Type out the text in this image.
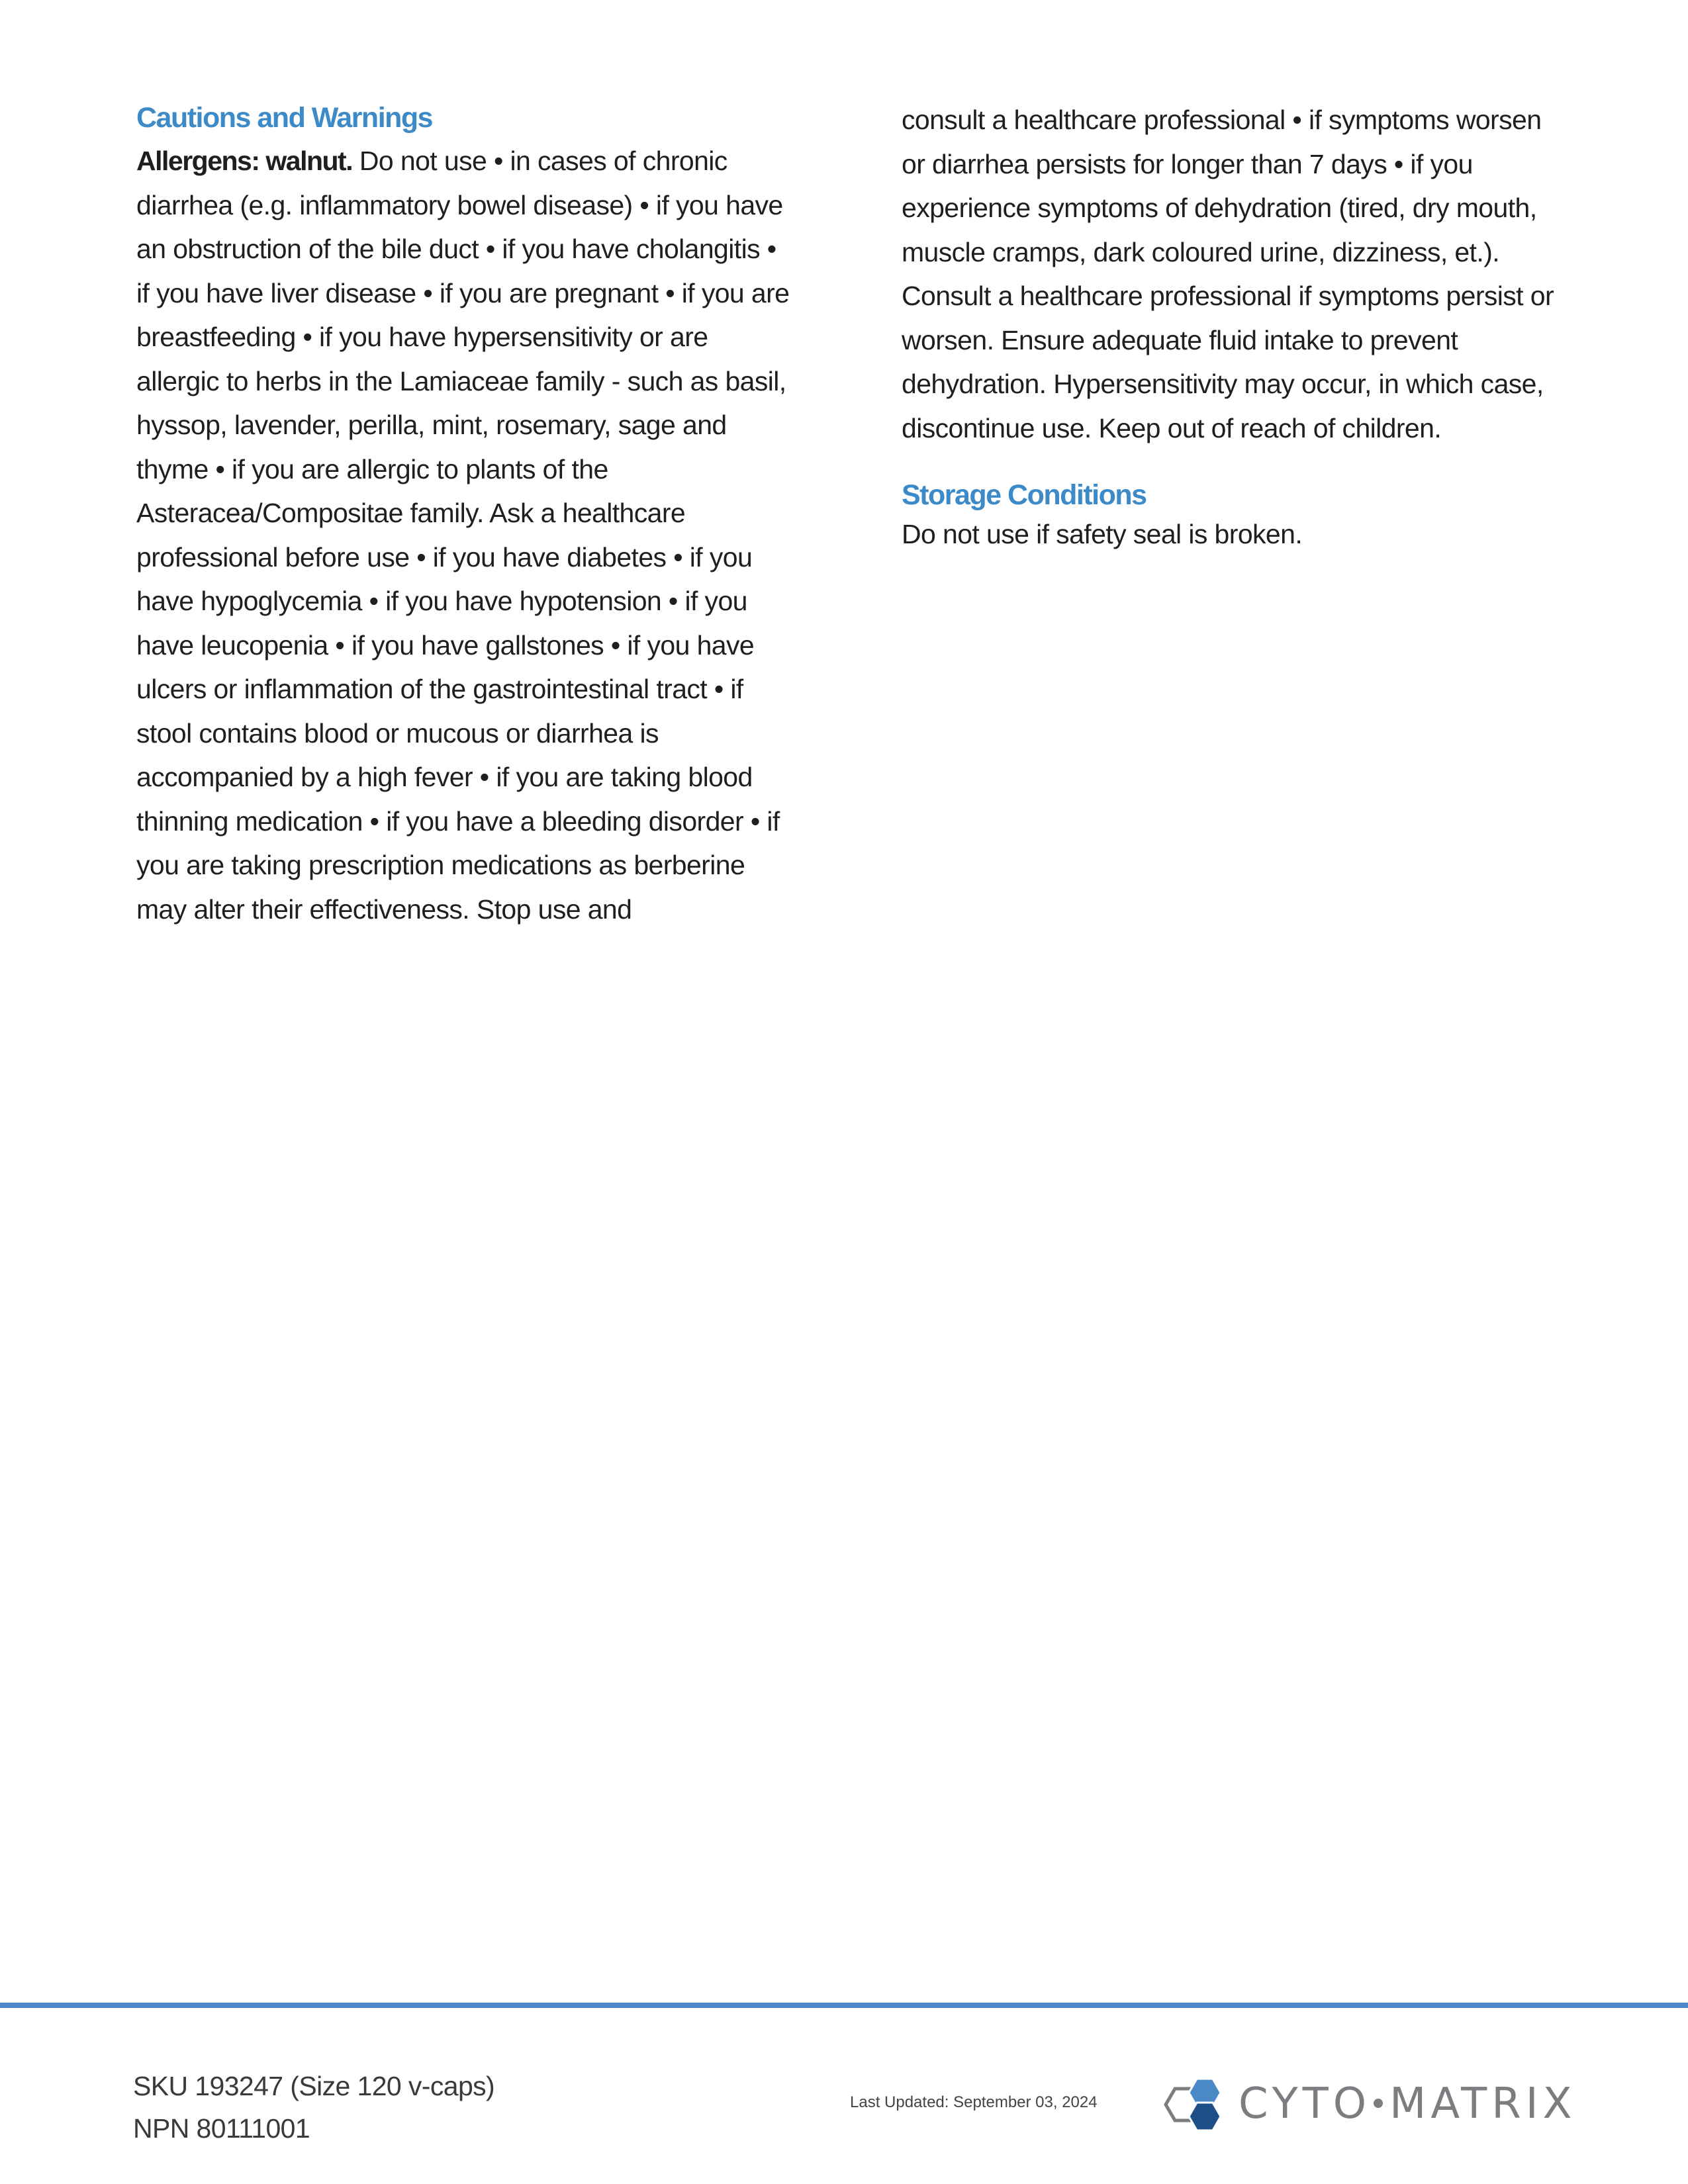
Cautions and Warnings

Allergens: walnut. Do not use • in cases of chronic diarrhea (e.g. inflammatory bowel disease) • if you have an obstruction of the bile duct • if you have cholangitis • if you have liver disease • if you are pregnant • if you are breastfeeding • if you have hypersensitivity or are allergic to herbs in the Lamiaceae family - such as basil, hyssop, lavender, perilla, mint, rosemary, sage and thyme • if you are allergic to plants of the Asteracea/Compositae family. Ask a healthcare professional before use • if you have diabetes • if you have hypoglycemia • if you have hypotension • if you have leucopenia • if you have gallstones • if you have ulcers or inflammation of the gastrointestinal tract • if stool contains blood or mucous or diarrhea is accompanied by a high fever • if you are taking blood thinning medication • if you have a bleeding disorder • if you are taking prescription medications as berberine may alter their effectiveness. Stop use and

consult a healthcare professional • if symptoms worsen or diarrhea persists for longer than 7 days • if you experience symptoms of dehydration (tired, dry mouth, muscle cramps, dark coloured urine, dizziness, et.). Consult a healthcare professional if symptoms persist or worsen. Ensure adequate fluid intake to prevent dehydration. Hypersensitivity may occur, in which case, discontinue use. Keep out of reach of children.

Storage Conditions

Do not use if safety seal is broken.

SKU 193247 (Size 120 v-caps)
NPN 80111001
Last Updated: September 03, 2024	CYTO MATRIX
